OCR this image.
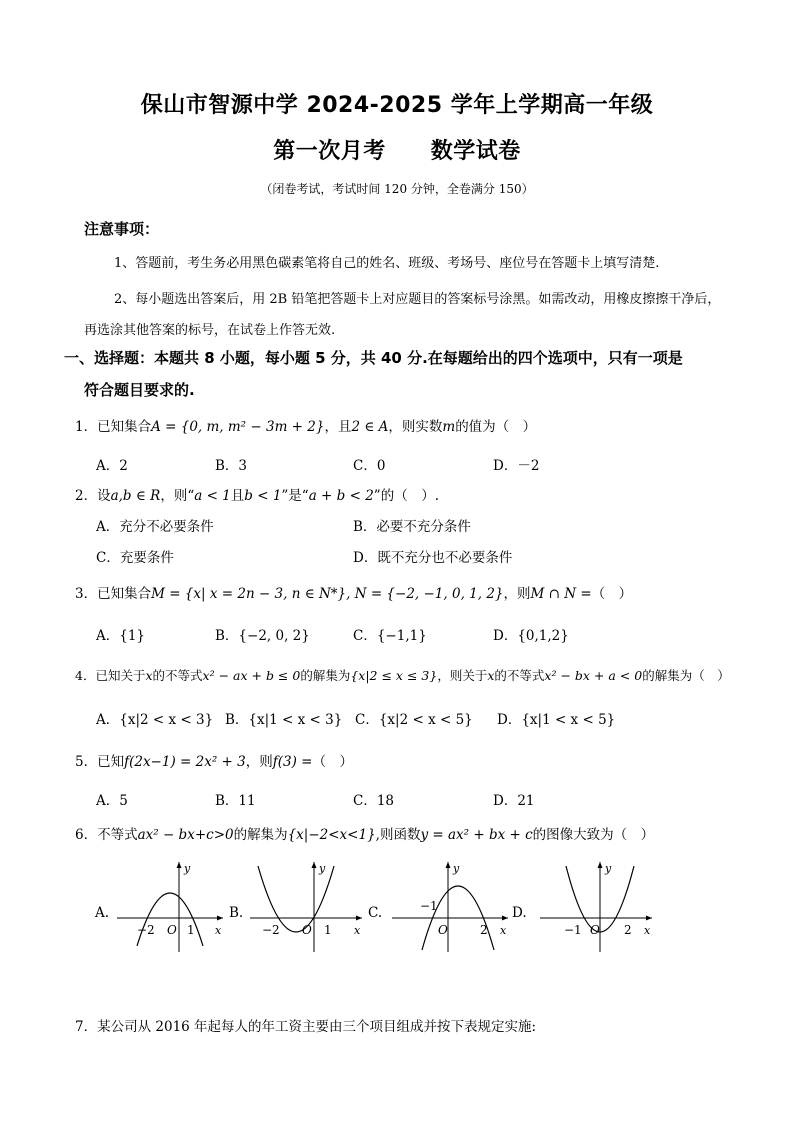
保山市智源中学 2024-2025 学年上学期高一年级
第一次月考　　数学试卷
（闭卷考试，考试时间 120 分钟，全卷满分 150）
注意事项：
1、答题前，考生务必用黑色碳素笔将自己的姓名、班级、考场号、座位号在答题卡上填写清楚.
2、每小题选出答案后，用 2B 铅笔把答题卡上对应题目的答案标号涂黑。如需改动，用橡皮擦擦干净后，
再选涂其他答案的标号，在试卷上作答无效.
一、选择题：本题共 8 小题，每小题 5 分，共 40 分.在每题给出的四个选项中，只有一项是
符合题目要求的.
1．已知集合A = {0, m, m² − 3m + 2}，且2 ∈ A，则实数m的值为（　）
A．2	B．3	C．0	D．－2
2．设a,b ∈ R，则“a < 1且b < 1”是“a + b < 2”的（　）.
A．充分不必要条件	B．必要不充分条件
C．充要条件	D．既不充分也不必要条件
3．已知集合M = {x| x = 2n − 3, n ∈ N*}, N = {−2, −1, 0, 1, 2}，则M ∩ N =（　）
A．{1}	B．{−2, 0, 2}	C．{−1,1}	D．{0,1,2}
4．已知关于x的不等式x² − ax + b ≤ 0的解集为{x|2 ≤ x ≤ 3}，则关于x的不等式x² − bx + a < 0的解集为（　）
A．{x|2 < x < 3} B．{x|1 < x < 3} C．{x|2 < x < 5} D．{x|1 < x < 5}
5．已知f(2x−1) = 2x² + 3，则f(3) =（　）
A．5	B．11	C．18	D．21
6．不等式ax² − bx+c>0的解集为{x|−2<x<1},则函数y = ax² + bx + c的图像大致为（　）
A.	B.	C.	D.
y
x
O
−2	1
y
x
O
−2	1
y
x
O
−1
2
y
x
O
−1	2
7．某公司从 2016 年起每人的年工资主要由三个项目组成并按下表规定实施:
